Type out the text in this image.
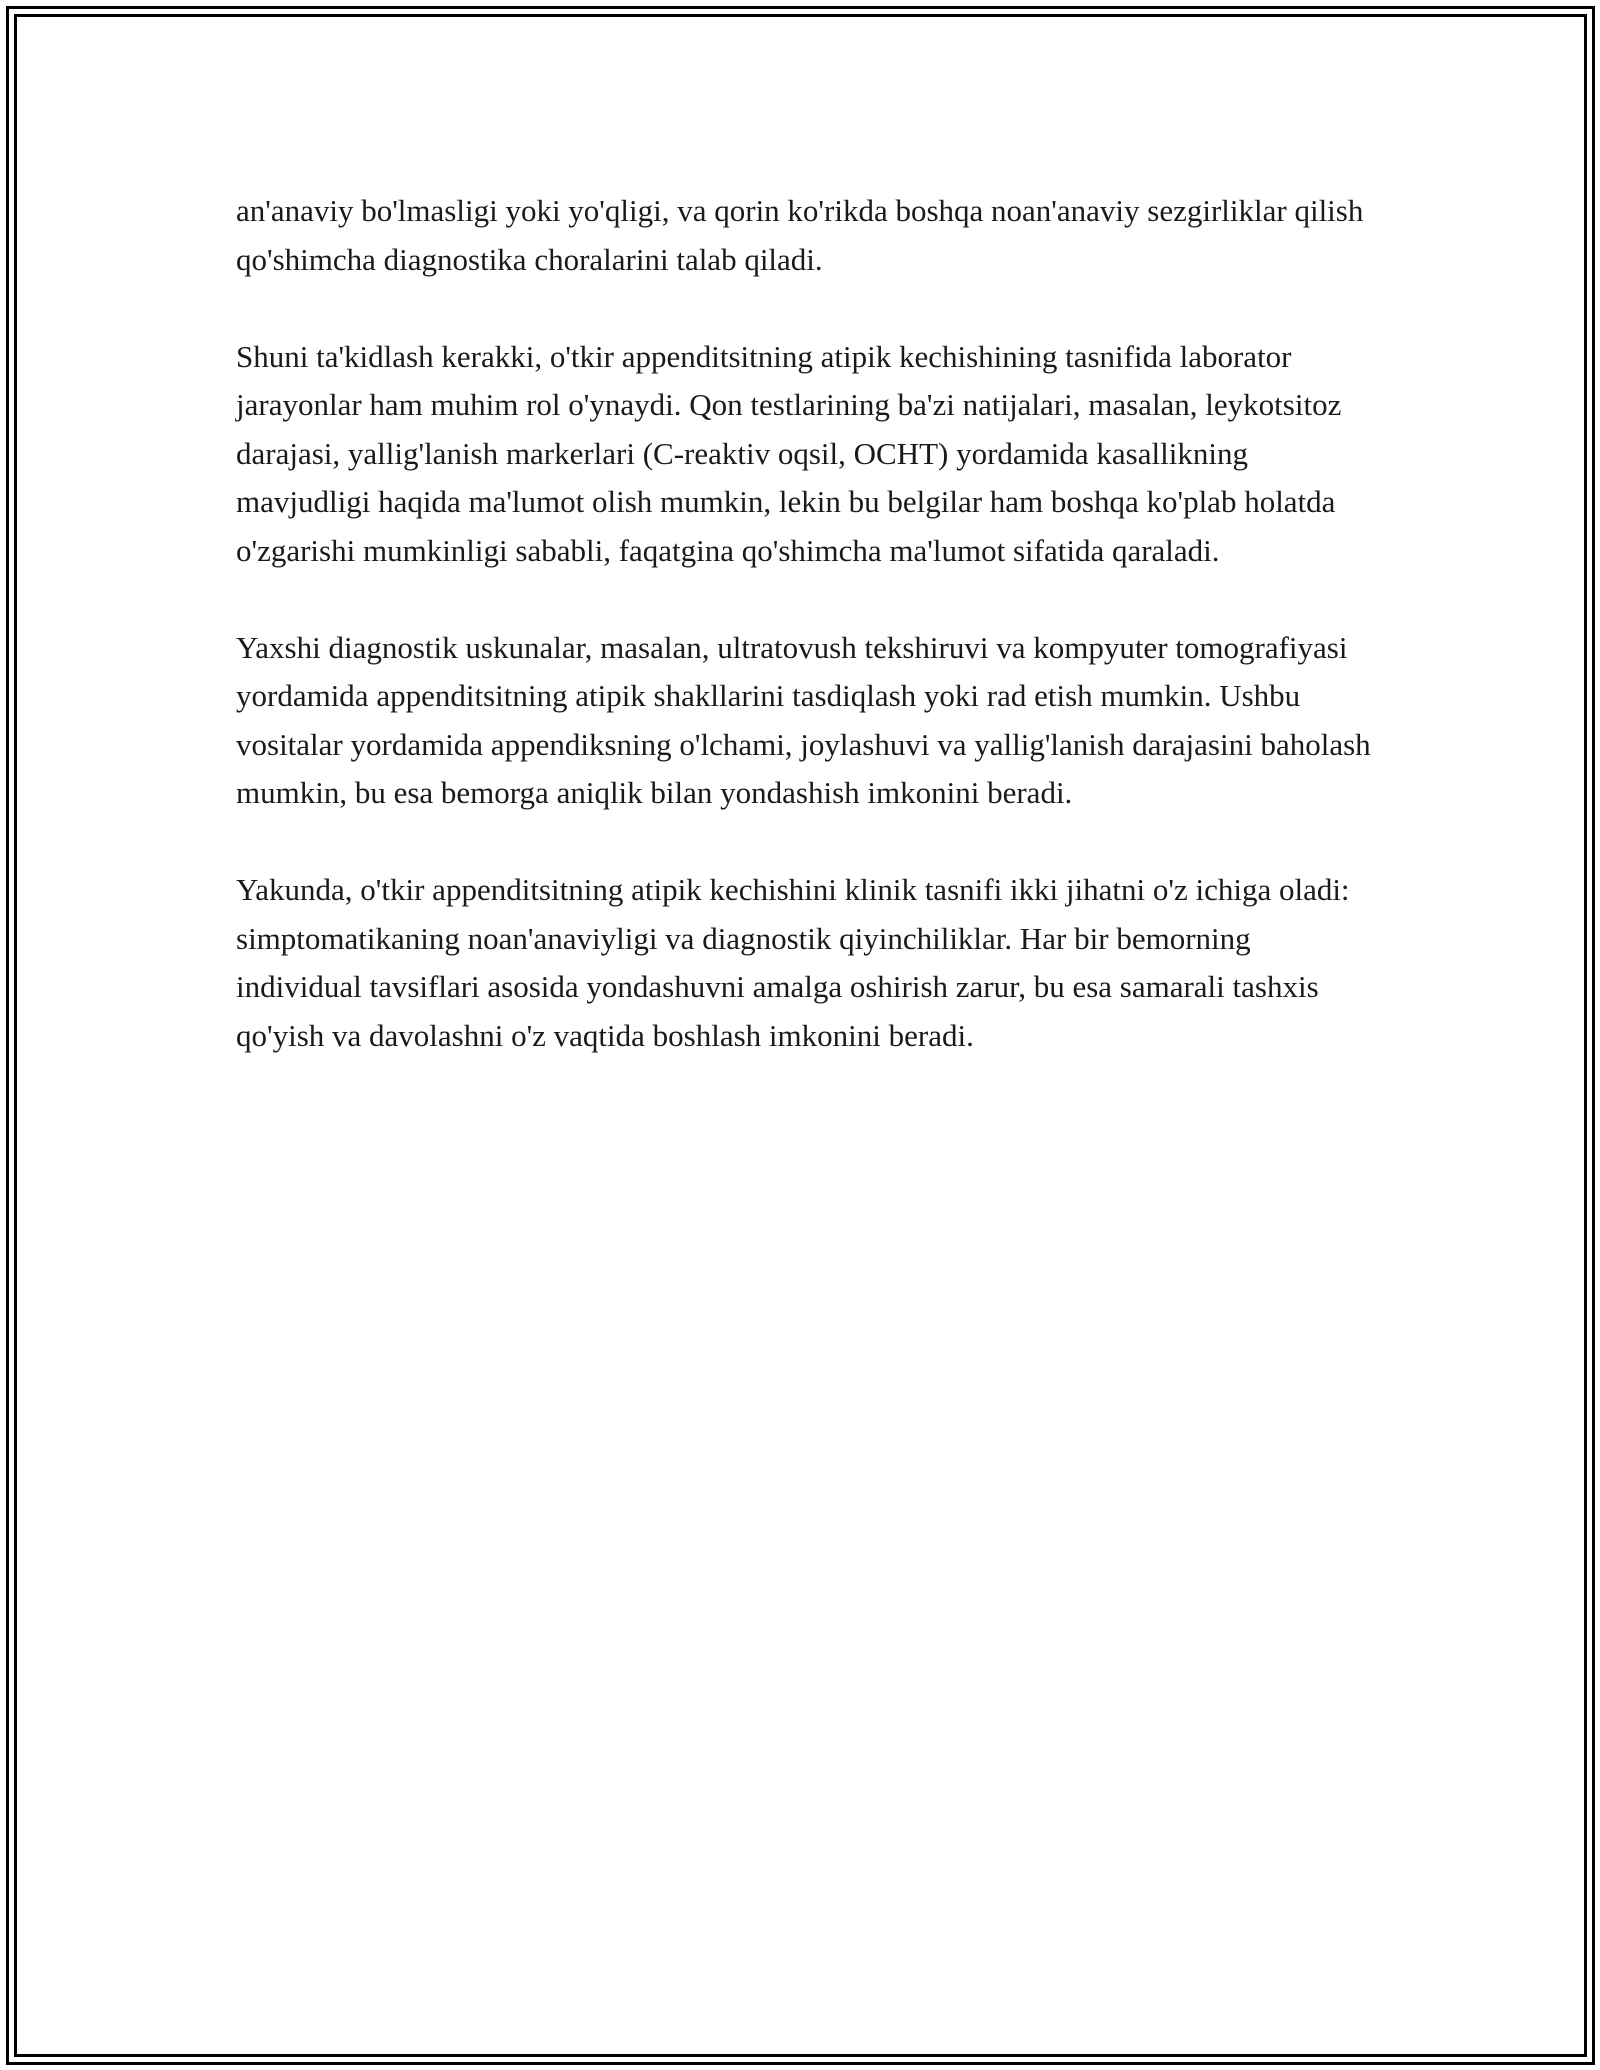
an'anaviy bo'lmasligi yoki yo'qligi, va qorin ko'rikda boshqa noan'anaviy sezgirliklar qilish qo'shimcha diagnostika choralarini talab qiladi.

Shuni ta'kidlash kerakki, o'tkir appenditsitning atipik kechishining tasnifida laborator jarayonlar ham muhim rol o'ynaydi. Qon testlarining ba'zi natijalari, masalan, leykotsitoz darajasi, yallig'lanish markerlari (C-reaktiv oqsil, OCHT) yordamida kasallikning mavjudligi haqida ma'lumot olish mumkin, lekin bu belgilar ham boshqa ko'plab holatda o'zgarishi mumkinligi sababli, faqatgina qo'shimcha ma'lumot sifatida qaraladi.

Yaxshi diagnostik uskunalar, masalan, ultratovush tekshiruvi va kompyuter tomografiyasi yordamida appenditsitning atipik shakllarini tasdiqlash yoki rad etish mumkin. Ushbu vositalar yordamida appendiksning o'lchami, joylashuvi va yallig'lanish darajasini baholash mumkin, bu esa bemorga aniqlik bilan yondashish imkonini beradi.

Yakunda, o'tkir appenditsitning atipik kechishini klinik tasnifi ikki jihatni o'z ichiga oladi: simptomatikaning noan'anaviyligi va diagnostik qiyinchiliklar. Har bir bemorning individual tavsiflari asosida yondashuvni amalga oshirish zarur, bu esa samarali tashxis qo'yish va davolashni o'z vaqtida boshlash imkonini beradi.
